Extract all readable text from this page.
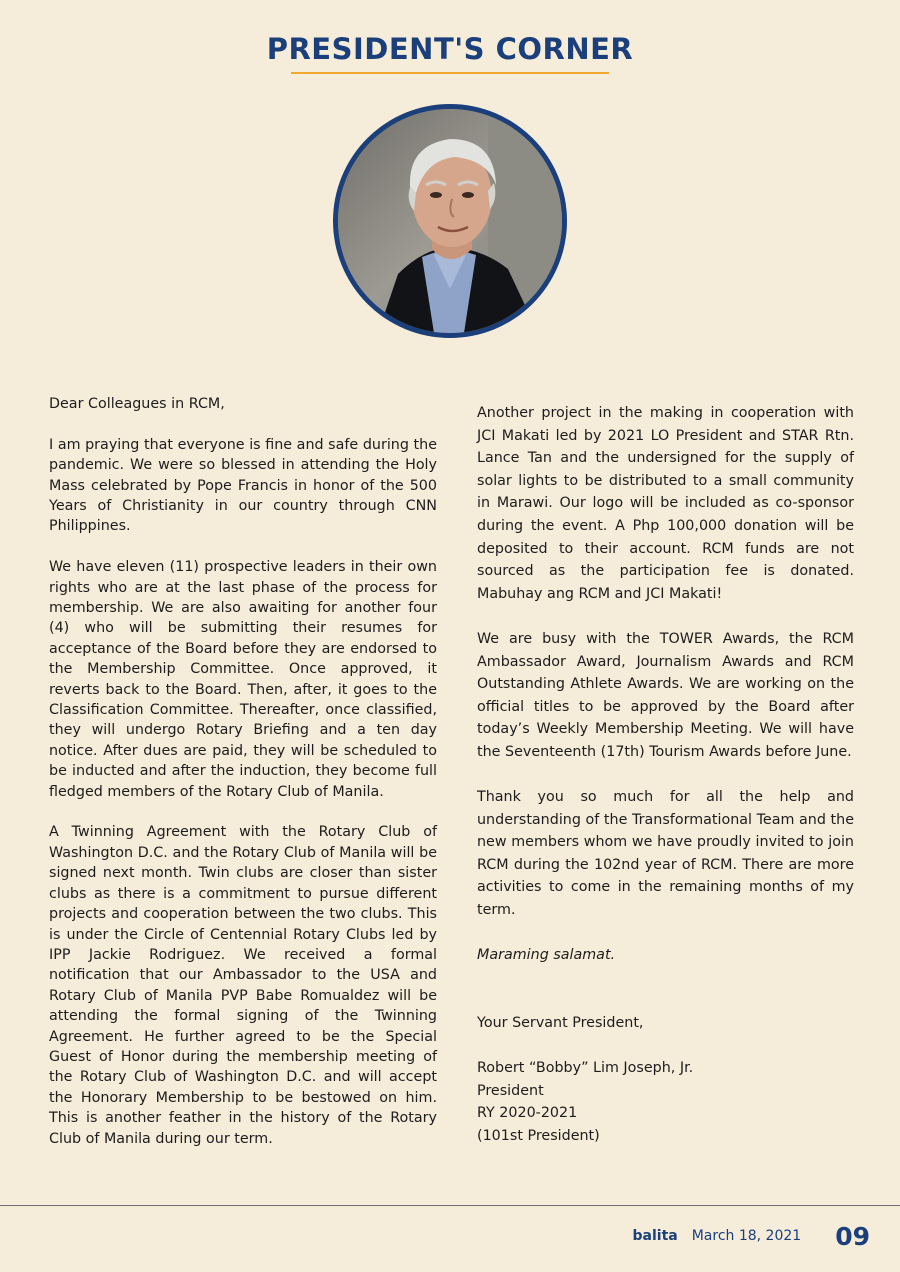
PRESIDENT'S CORNER

Dear Colleagues in RCM,

I am praying that everyone is fine and safe during the pandemic. We were so blessed in attending the Holy Mass celebrated by Pope Francis in honor of the 500 Years of Christianity in our country through CNN Philippines.

We have eleven (11) prospective leaders in their own rights who are at the last phase of the process for membership. We are also awaiting for another four (4) who will be submitting their resumes for acceptance of the Board before they are endorsed to the Membership Committee. Once approved, it reverts back to the Board. Then, after, it goes to the Classification Committee. Thereafter, once classified, they will undergo Rotary Briefing and a ten day notice. After dues are paid, they will be scheduled to be inducted and after the induction, they become full fledged members of the Rotary Club of Manila.

A Twinning Agreement with the Rotary Club of Washington D.C. and the Rotary Club of Manila will be signed next month. Twin clubs are closer than sister clubs as there is a commitment to pursue different projects and cooperation between the two clubs. This is under the Circle of Centennial Rotary Clubs led by IPP Jackie Rodriguez. We received a formal notification that our Ambassador to the USA and Rotary Club of Manila PVP Babe Romualdez will be attending the formal signing of the Twinning Agreement. He further agreed to be the Special Guest of Honor during the membership meeting of the Rotary Club of Washington D.C. and will accept the Honorary Membership to be bestowed on him. This is another feather in the history of the Rotary Club of Manila during our term.

Another project in the making in cooperation with JCI Makati led by 2021 LO President and STAR Rtn. Lance Tan and the undersigned for the supply of solar lights to be distributed to a small community in Marawi. Our logo will be included as co-sponsor during the event. A Php 100,000 donation will be deposited to their account. RCM funds are not sourced as the participation fee is donated. Mabuhay ang RCM and JCI Makati!

We are busy with the TOWER Awards, the RCM Ambassador Award, Journalism Awards and RCM Outstanding Athlete Awards. We are working on the official titles to be approved by the Board after today’s Weekly Membership Meeting. We will have the Seventeenth (17th) Tourism Awards before June.

Thank you so much for all the help and understanding of the Transformational Team and the new members whom we have proudly invited to join RCM during the 102nd year of RCM. There are more activities to come in the remaining months of my term.

Maraming salamat.

Your Servant President,

Robert “Bobby” Lim Joseph, Jr.

President

RY 2020-2021

(101st President)

balita March 18, 2021 09
